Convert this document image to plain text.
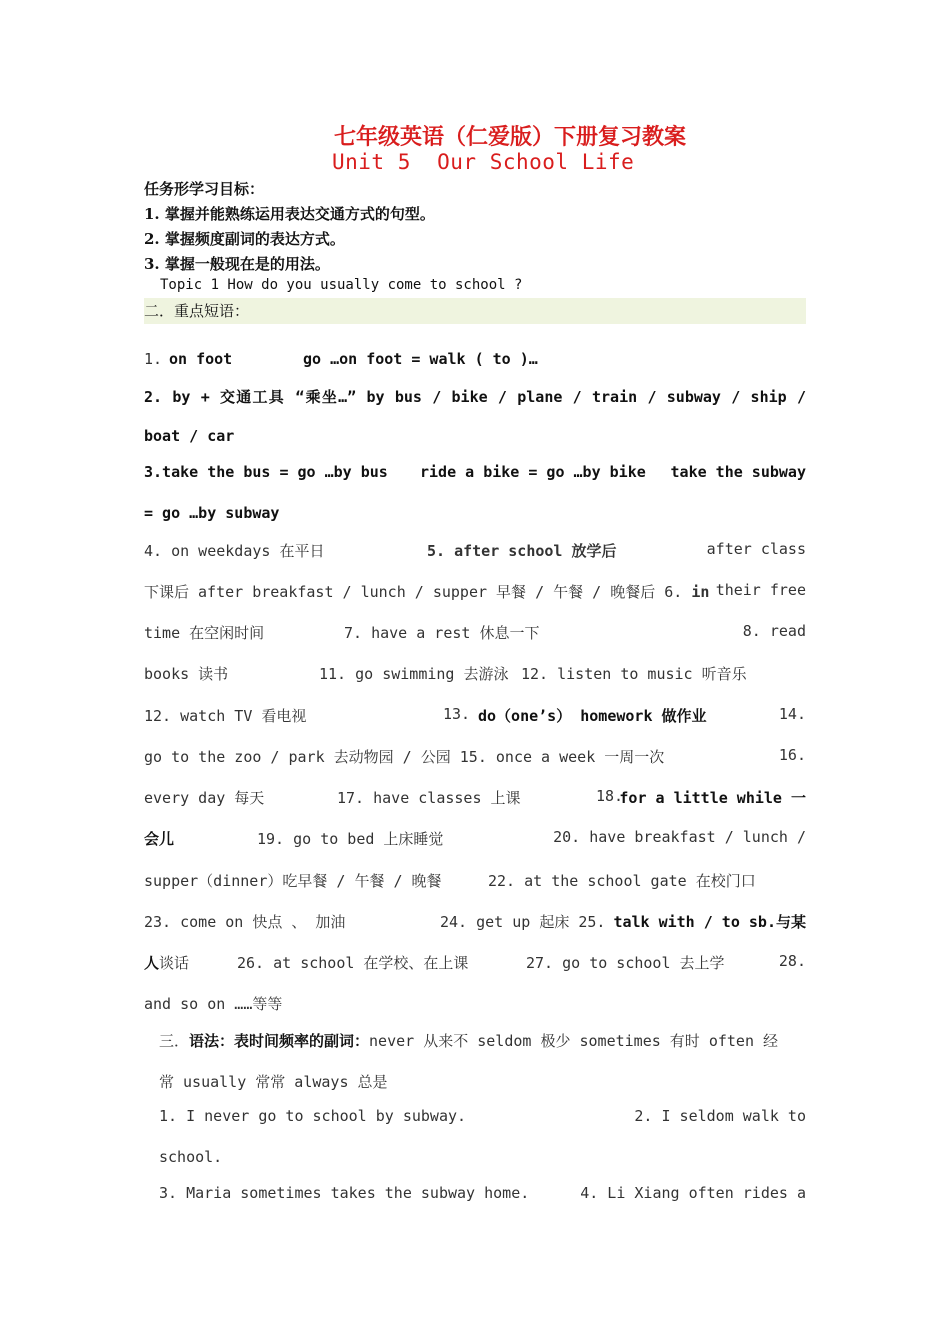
七年级英语（仁爱版）下册复习教案
Unit 5  Our School Life
任务形学习目标：
1. 掌握并能熟练运用表达交通方式的句型。
2. 掌握频度副词的表达方式。
3. 掌握一般现在是的用法。
Topic 1 How do you usually come to school ?
二．重点短语：
1. on foot	go …on foot = walk ( to )…
2. by + 交通工具 “乘坐…” by bus / bike / plane / train / subway / ship /
boat / car
3.take the bus = go …by bus ride a bike = go …by bike take the subway
= go …by subway
4. on weekdays 在平日	5. after school 放学后	after class
下课后 after breakfast / lunch / supper 早餐 / 午餐 / 晚餐后 6. in their free
time 在空闲时间	7. have a rest 休息一下	8. read
books 读书	11. go swimming 去游泳 12. listen to music 听音乐
12. watch TV 看电视	13. do（one’s） homework 做作业	14.
go to the zoo / park 去动物园 / 公园 15. once a week 一周一次	16.
every day 每天	17. have classes 上课	18.
for a little while 一
会儿	19. go to bed 上床睡觉	20. have breakfast / lunch /
supper（dinner）吃早餐 / 午餐 / 晚餐	22. at the school gate 在校门口
23. come on 快点 、 加油	24. get up 起床 25. talk with / to sb.与某
人谈话	26. at school 在学校、在上课	27. go to school 去上学	28.
and so on ……等等
三．语法：表时间频率的副词：never 从来不 seldom 极少 sometimes 有时 often 经
常 usually 常常 always 总是
1. I never go to school by subway.	2. I seldom walk to
school.
3. Maria sometimes takes the subway home.	4. Li Xiang often rides a
